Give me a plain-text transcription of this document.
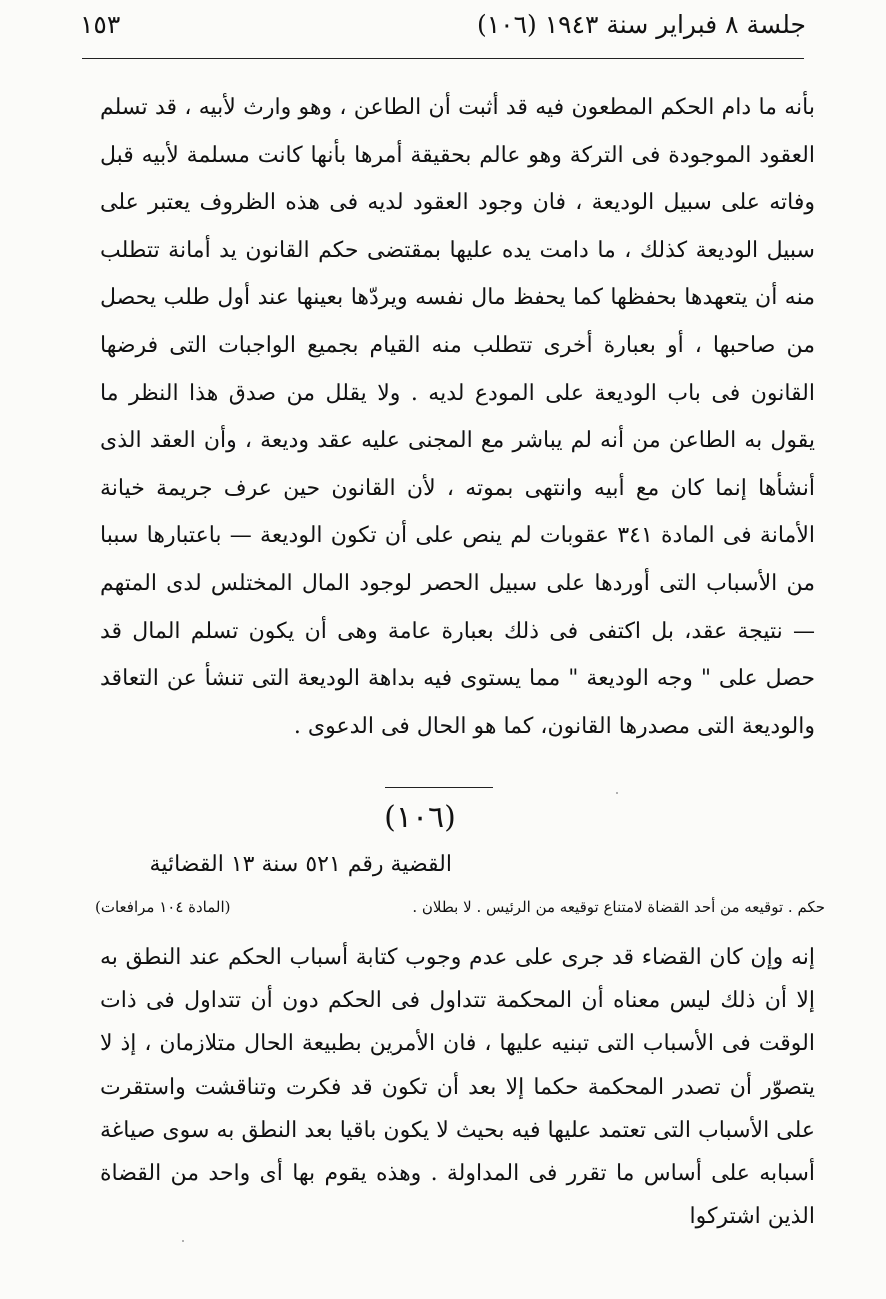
جلسة ٨ فبراير سنة ١٩٤٣ (١٠٦)
١٥٣
بأنه ما دام الحكم المطعون فيه قد أثبت أن الطاعن ، وهو وارث لأبيه ، قد تسلم العقود الموجودة فى التركة وهو عالم بحقيقة أمرها بأنها كانت مسلمة لأبيه قبل وفاته على سبيل الوديعة ، فان وجود العقود لديه فى هذه الظروف يعتبر على سبيل الوديعة كذلك ، ما دامت يده عليها بمقتضى حكم القانون يد أمانة تتطلب منه أن يتعهدها بحفظها كما يحفظ مال نفسه ويردّها بعينها عند أول طلب يحصل من صاحبها ، أو بعبارة أخرى تتطلب منه القيام بجميع الواجبات التى فرضها القانون فى باب الوديعة على المودع لديه . ولا يقلل من صدق هذا النظر ما يقول به الطاعن من أنه لم يباشر مع المجنى عليه عقد وديعة ، وأن العقد الذى أنشأها إنما كان مع أبيه وانتهى بموته ، لأن القانون حين عرف جريمة خيانة الأمانة فى المادة ٣٤١ عقوبات لم ينص على أن تكون الوديعة — باعتبارها سببا من الأسباب التى أوردها على سبيل الحصر لوجود المال المختلس لدى المتهم — نتيجة عقد، بل اكتفى فى ذلك بعبارة عامة وهى أن يكون تسلم المال قد حصل على " وجه الوديعة " مما يستوى فيه بداهة الوديعة التى تنشأ عن التعاقد والوديعة التى مصدرها القانون، كما هو الحال فى الدعوى .
(١٠٦)
القضية رقم ٥٢١ سنة ١٣ القضائية
حكم . توقيعه من أحد القضاة لامتناع توقيعه من الرئيس . لا بطلان .
(المادة ١٠٤ مرافعات)
إنه وإن كان القضاء قد جرى على عدم وجوب كتابة أسباب الحكم عند النطق به إلا أن ذلك ليس معناه أن المحكمة تتداول فى الحكم دون أن تتداول فى ذات الوقت فى الأسباب التى تبنيه عليها ، فان الأمرين بطبيعة الحال متلازمان ، إذ لا يتصوّر أن تصدر المحكمة حكما إلا بعد أن تكون قد فكرت وتناقشت واستقرت على الأسباب التى تعتمد عليها فيه بحيث لا يكون باقيا بعد النطق به سوى صياغة أسبابه على أساس ما تقرر فى المداولة . وهذه يقوم بها أى واحد من القضاة الذين اشتركوا
